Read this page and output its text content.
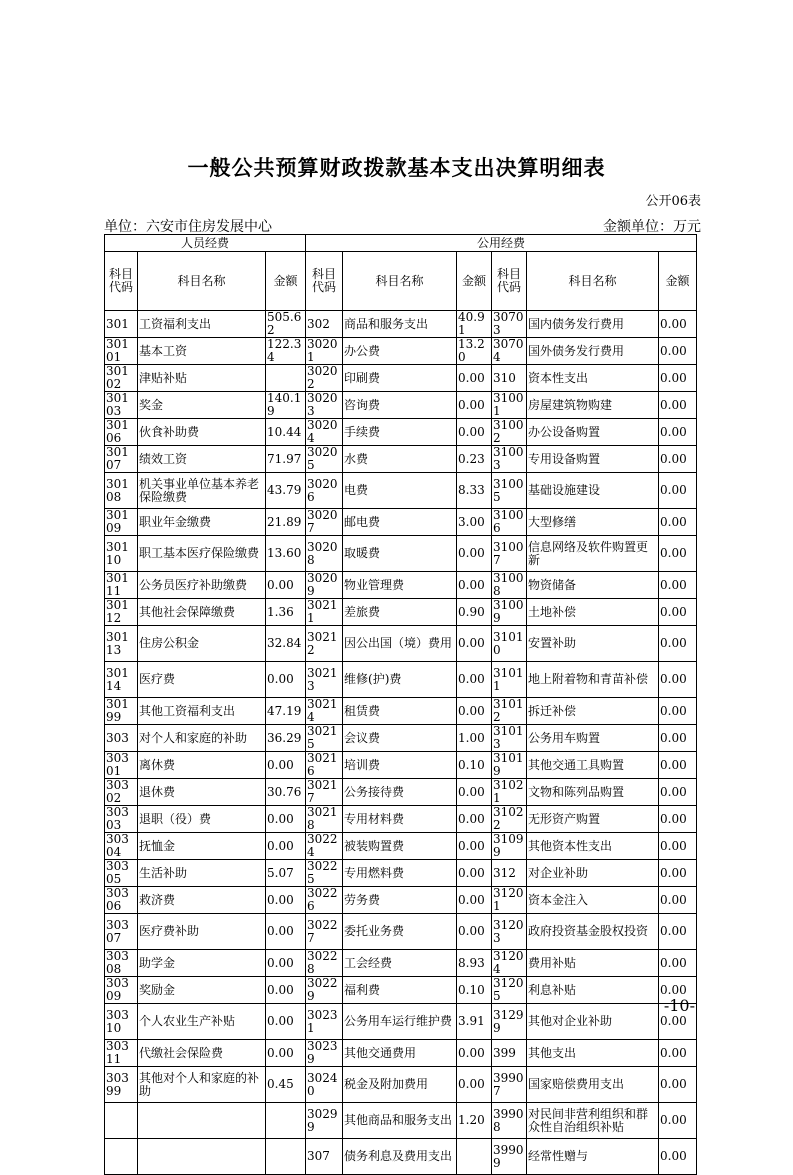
一般公共预算财政拨款基本支出决算明细表
公开06表
单位：六安市住房发展中心	金额单位：万元
人员经费			公用经费					
科目代码	科目名称	金额	科目代码	科目名称	金额	科目代码	科目名称	金额
301	工资福利支出	505.62	302	商品和服务支出	40.91	30703	国内债务发行费用	0.00
30101	基本工资	122.34	30201	办公费	13.20	30704	国外债务发行费用	0.00
30102	津贴补贴		30202	印刷费	0.00	310	资本性支出	0.00
30103	奖金	140.19	30203	咨询费	0.00	31001	房屋建筑物购建	0.00
30106	伙食补助费	10.44	30204	手续费	0.00	31002	办公设备购置	0.00
30107	绩效工资	71.97	30205	水费	0.23	31003	专用设备购置	0.00
30108	机关事业单位基本养老保险缴费	43.79	30206	电费	8.33	31005	基础设施建设	0.00
30109	职业年金缴费	21.89	30207	邮电费	3.00	31006	大型修缮	0.00
30110	职工基本医疗保险缴费	13.60	30208	取暖费	0.00	31007	信息网络及软件购置更新	0.00
30111	公务员医疗补助缴费	0.00	30209	物业管理费	0.00	31008	物资储备	0.00
30112	其他社会保障缴费	1.36	30211	差旅费	0.90	31009	土地补偿	0.00
30113	住房公积金	32.84	30212	因公出国（境）费用	0.00	31010	安置补助	0.00
30114	医疗费	0.00	30213	维修(护)费	0.00	31011	地上附着物和青苗补偿	0.00
30199	其他工资福利支出	47.19	30214	租赁费	0.00	31012	拆迁补偿	0.00
303	对个人和家庭的补助	36.29	30215	会议费	1.00	31013	公务用车购置	0.00
30301	离休费	0.00	30216	培训费	0.10	31019	其他交通工具购置	0.00
30302	退休费	30.76	30217	公务接待费	0.00	31021	文物和陈列品购置	0.00
30303	退职（役）费	0.00	30218	专用材料费	0.00	31022	无形资产购置	0.00
30304	抚恤金	0.00	30224	被装购置费	0.00	31099	其他资本性支出	0.00
30305	生活补助	5.07	30225	专用燃料费	0.00	312	对企业补助	0.00
30306	救济费	0.00	30226	劳务费	0.00	31201	资本金注入	0.00
30307	医疗费补助	0.00	30227	委托业务费	0.00	31203	政府投资基金股权投资	0.00
30308	助学金	0.00	30228	工会经费	8.93	31204	费用补贴	0.00
30309	奖励金	0.00	30229	福利费	0.10	31205	利息补贴	0.00
30310	个人农业生产补贴	0.00	30231	公务用车运行维护费	3.91	31299	其他对企业补助	0.00
30311	代缴社会保险费	0.00	30239	其他交通费用	0.00	399	其他支出	0.00
30399	其他对个人和家庭的补助	0.45	30240	税金及附加费用	0.00	39907	国家赔偿费用支出	0.00
			30299	其他商品和服务支出	1.20	39908	对民间非营利组织和群众性自治组织补贴	0.00
			307	债务利息及费用支出		39909	经常性赠与	0.00
-10-
